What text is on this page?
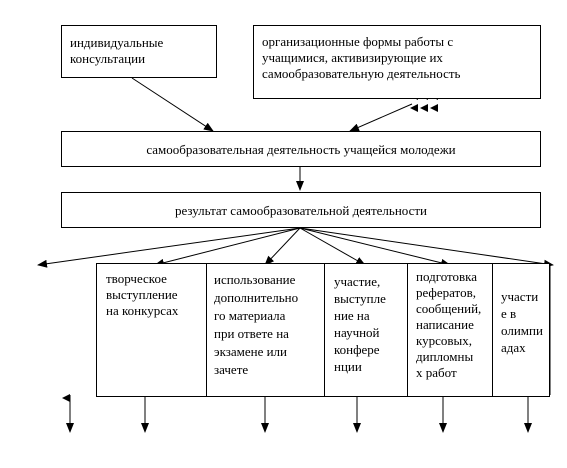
индивидуальные
консультации
организационные формы работы с
учащимися, активизирующие их
самообразовательную деятельность
самообразовательная деятельность учащейся молодежи
результат самообразовательной деятельности
творческое
выступление
на конкурсах
использование
дополнительно
го материала
при ответе на
экзамене или
зачете
участие,
выступле
ние на
научной
конфере
нции
подготовка
рефератов,
сообщений,
написание
курсовых,
дипломны
х работ
участи
е в
олимпи
адах
